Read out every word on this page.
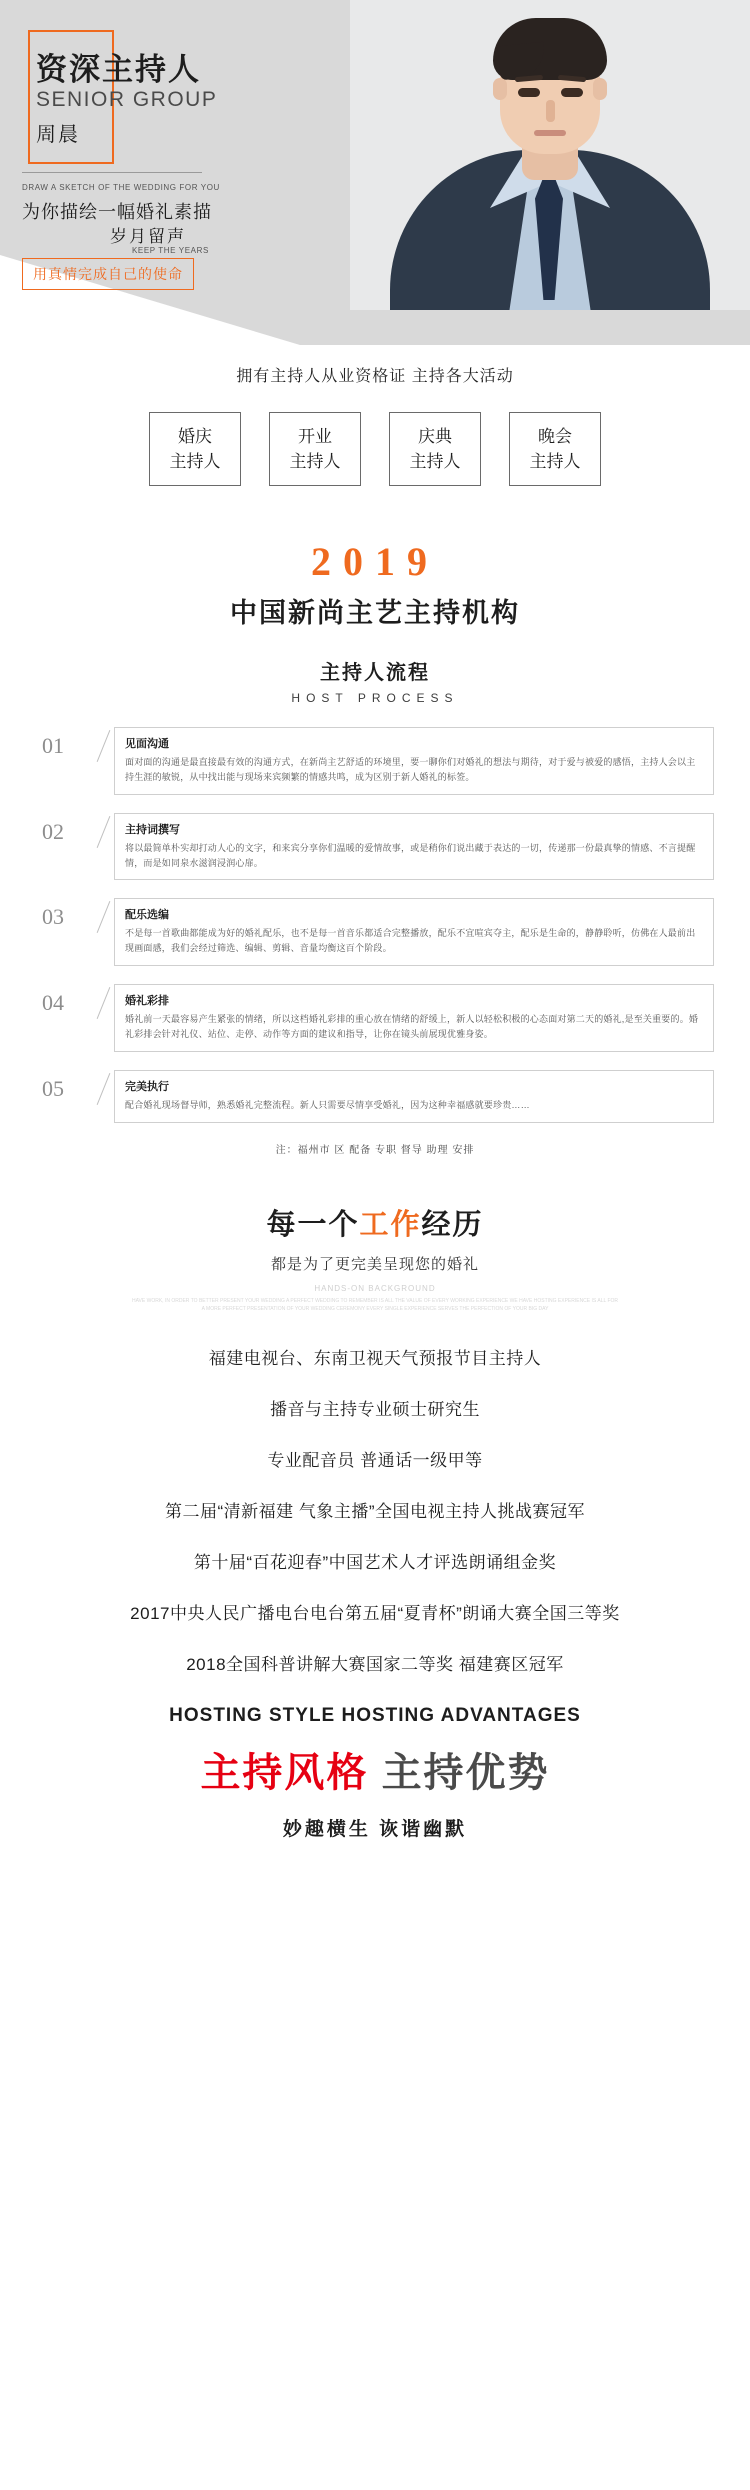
资深主持人
SENIOR GROUP
周晨
DRAW A SKETCH OF THE WEDDING FOR YOU
为你描绘一幅婚礼素描
岁月留声
KEEP THE YEARS
用真情完成自己的使命
拥有主持人从业资格证 主持各大活动
婚庆
主持人
开业
主持人
庆典
主持人
晚会
主持人
2019
中国新尚主艺主持机构
主持人流程
HOST PROCESS
01	见面沟通

面对面的沟通是最直接最有效的沟通方式，在新尚主艺舒适的环境里，要一聊你们对婚礼的想法与期待，对于爱与被爱的感悟，主持人会以主持生涯的敏锐，从中找出能与现场来宾频繁的情感共鸣，成为区别于新人婚礼的标签。

02	主持词撰写

将以最简单朴实却打动人心的文字，和来宾分享你们温暖的爱情故事，或是稍你们说出藏于表达的一切，传递那一份最真挚的情感、不言提醒情，而是如同泉水滋润浸润心扉。

03	配乐选编

不是每一首歌曲都能成为好的婚礼配乐，也不是每一首音乐都适合完整播放，配乐不宜喧宾夺主，配乐是生命的，静静聆听，仿佛在人最前出现画面感，我们会经过筛选、编辑、剪辑、音量均衡这百个阶段。

04	婚礼彩排

婚礼前一天最容易产生紧张的情绪，所以这档婚礼彩排的重心放在情绪的舒缓上，新人以轻松积极的心态面对第二天的婚礼,是至关重要的。婚礼彩排会针对礼仪、站位、走停、动作等方面的建议和指导，让你在镜头前展现优雅身姿。

05	完美执行

配合婚礼现场督导师，熟悉婚礼完整流程。新人只需要尽情享受婚礼，因为这种幸福感就要珍贵……

注：福州市 区 配备 专职 督导 助理 安排
每一个工作经历
都是为了更完美呈现您的婚礼
HANDS-ON BACKGROUND
HAVE WORK, IN ORDER TO BETTER PRESENT YOUR WEDDING A PERFECT WEDDING TO REMEMBER IS ALL THE VALUE OF EVERY WORKING EXPERIENCE WE HAVE HOSTING EXPERIENCE IS ALL FOR A MORE PERFECT PRESENTATION OF YOUR WEDDING CEREMONY EVERY SINGLE EXPERIENCE SERVES THE PERFECTION OF YOUR BIG DAY
福建电视台、东南卫视天气预报节目主持人
播音与主持专业硕士研究生
专业配音员 普通话一级甲等
第二届“清新福建 气象主播”全国电视主持人挑战赛冠军
第十届“百花迎春”中国艺术人才评选朗诵组金奖
2017中央人民广播电台电台第五届“夏青杯”朗诵大赛全国三等奖
2018全国科普讲解大赛国家二等奖 福建赛区冠军
HOSTING STYLE HOSTING ADVANTAGES
主持风格 主持优势
妙趣横生 诙谐幽默
